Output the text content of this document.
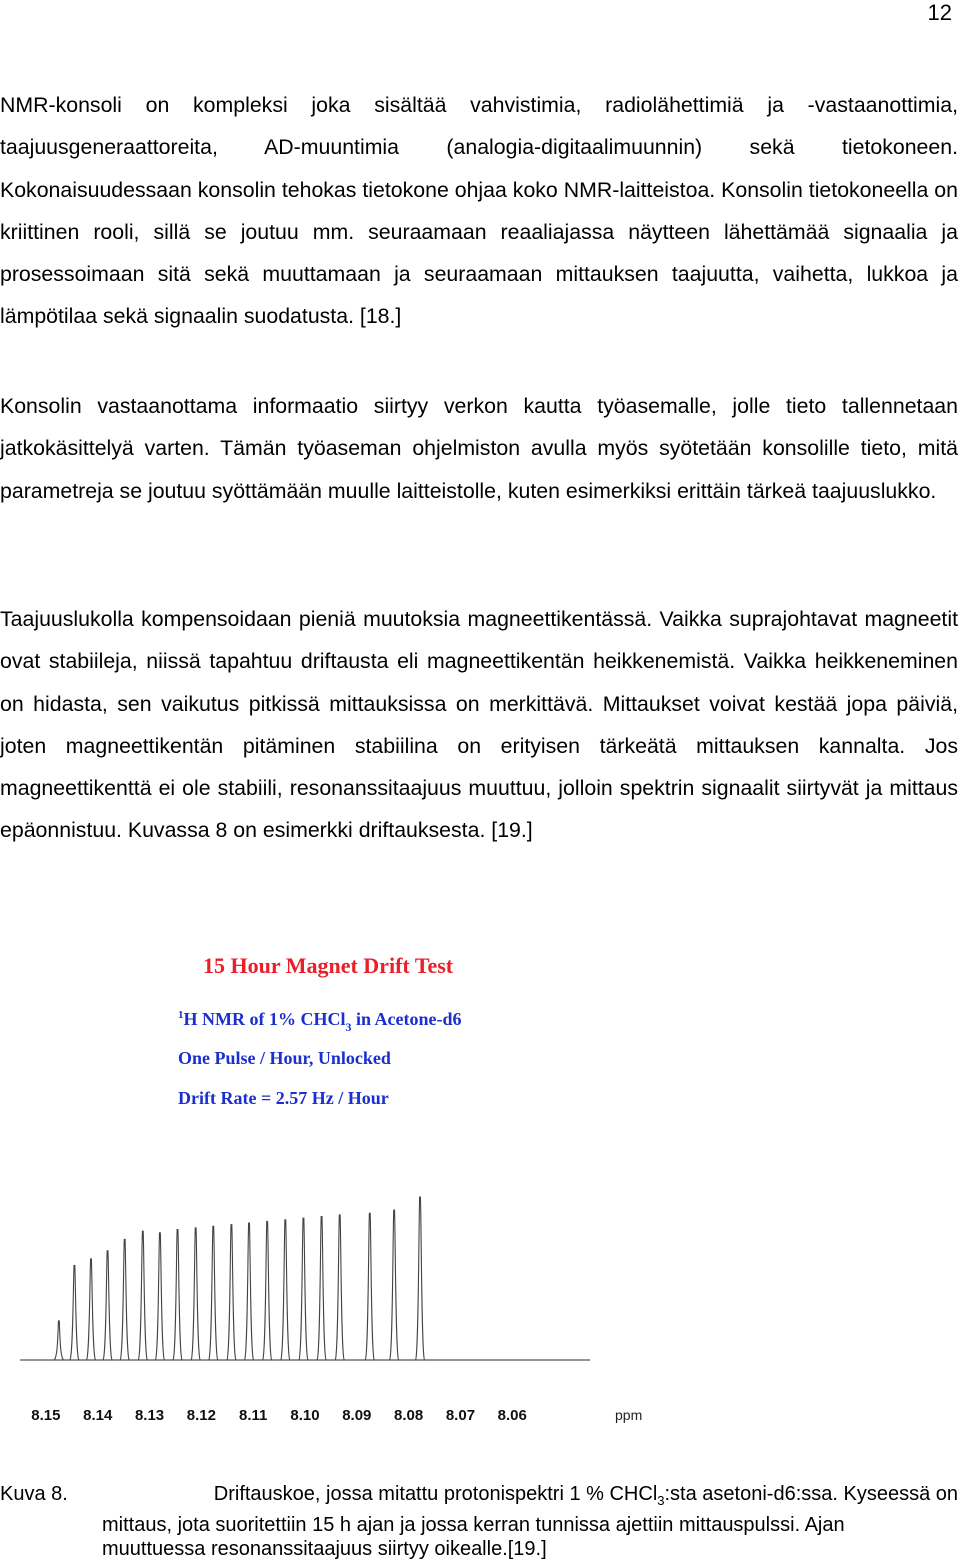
12

NMR-konsoli on kompleksi joka sisältää vahvistimia, radiolähettimiä ja -vastaanottimia, taajuusgeneraattoreita, AD-muuntimia (analogia-digitaalimuunnin) sekä tietokoneen. Kokonaisuudessaan konsolin tehokas tietokone ohjaa koko NMR-laitteistoa. Konsolin tietokoneella on kriittinen rooli, sillä se joutuu mm. seuraamaan reaaliajassa näytteen lähettämää signaalia ja prosessoimaan sitä sekä muuttamaan ja seuraamaan mittauksen taajuutta, vaihetta, lukkoa ja lämpötilaa sekä signaalin suodatusta. [18.]

Konsolin vastaanottama informaatio siirtyy verkon kautta työasemalle, jolle tieto tallennetaan jatkokäsittelyä varten. Tämän työaseman ohjelmiston avulla myös syötetään konsolille tieto, mitä parametreja se joutuu syöttämään muulle laitteistolle, kuten esimerkiksi erittäin tärkeä taajuuslukko.

Taajuuslukolla kompensoidaan pieniä muutoksia magneettikentässä. Vaikka suprajohtavat magneetit ovat stabiileja, niissä tapahtuu driftausta eli magneettikentän heikkenemistä. Vaikka heikkeneminen on hidasta, sen vaikutus pitkissä mittauksissa on merkittävä. Mittaukset voivat kestää jopa päiviä, joten magneettikentän pitäminen stabiilina on erityisen tärkeätä mittauksen kannalta. Jos magneettikenttä ei ole stabiili, resonanssitaajuus muuttuu, jolloin spektrin signaalit siirtyvät ja mittaus epäonnistuu. Kuvassa 8 on esimerkki driftauksesta. [19.]

15 Hour Magnet Drift Test
$^1$H NMR of 1% CHCl$_3$ in Acetone-d6
One Pulse / Hour, Unlocked
Drift Rate = 2.57 Hz / Hour
8.15 8.14 8.13 8.12 8.11 8.10 8.09 8.08 8.07 8.06	ppm
Kuva 8.	Driftauskoe, jossa mitattu protonispektri 1 % CHCl$_3$:sta asetoni-d6:ssa. Kyseessä on
mittaus, jota suoritettiin 15 h ajan ja jossa kerran tunnissa ajettiin mittauspulssi. Ajan
muuttuessa resonanssitaajuus siirtyy oikealle.[19.]
